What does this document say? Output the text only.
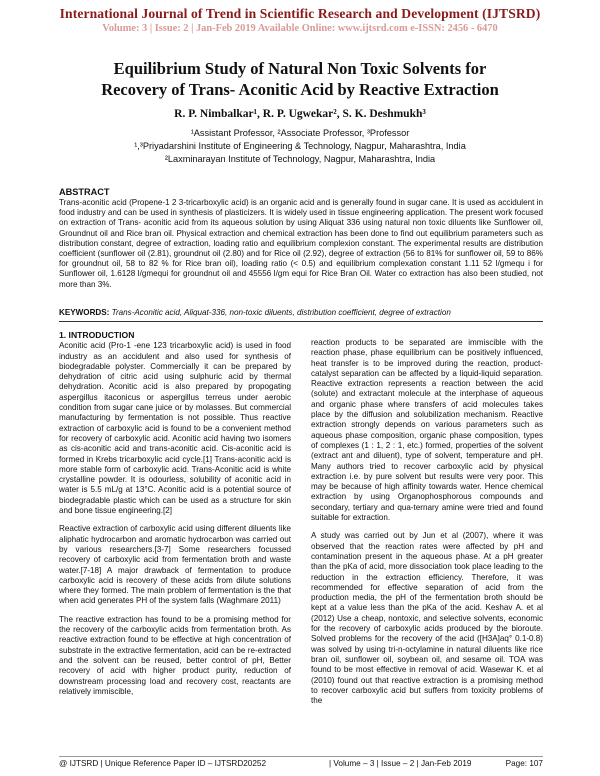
International Journal of Trend in Scientific Research and Development (IJTSRD)
Volume: 3 | Issue: 2 | Jan-Feb 2019 Available Online: www.ijtsrd.com e-ISSN: 2456 - 6470
Equilibrium Study of Natural Non Toxic Solvents for
Recovery of Trans- Aconitic Acid by Reactive Extraction
R. P. Nimbalkar¹, R. P. Ugwekar², S. K. Deshmukh³
¹Assistant Professor, ²Associate Professor, ³Professor
¹,³Priyadarshini Institute of Engineering & Technology, Nagpur, Maharashtra, India
²Laxminarayan Institute of Technology, Nagpur, Maharashtra, India
ABSTRACT
Trans-aconitic acid (Propene-1 2 3-tricarboxylic acid) is an organic acid and is generally found in sugar cane. It is used as accidulent in food industry and can be used in synthesis of plasticizers. It is widely used in tissue engineering application. The present work focused on extraction of Trans- aconitic acid from its aqueous solution by using Aliquat 336 using natural non toxic diluents like Sunflower oil, Groundnut oil and Rice bran oil. Physical extraction and chemical extraction has been done to find out equilibrium parameters such as distribution constant, degree of extraction, loading ratio and equilibrium complexion constant. The experimental results are distribution coefficient (sunflower oil (2.81), groundnut oil (2.80) and for Rice oil (2.92), degree of extraction (56 to 81% for sunflower oil, 59 to 86% for groundnut oil, 58 to 82 % for Rice bran oil), loading ratio (< 0.5) and equilibrium complexation constant 1.11 52 l/gmequ i for Sunflower oil, 1.6128 l/gmequi for groundnut oil and 45556 l/gm equi for Rice Bran Oil. Water co extraction has also been studied, not more than 3%.
KEYWORDS: Trans-Aconitic acid, Aliquat-336, non-toxic diluents, distribution coefficient, degree of extraction
1. INTRODUCTION

Aconitic acid (Pro-1 -ene 123 tricarboxylic acid) is used in food industry as an accidulent and also used for synthesis of biodegradable polyster. Commercially it can be prepared by dehydration of citric acid using sulphuric acid by thermal dehydration. Aconitic acid is also prepared by propogating aspergillus itaconicus or aspergillus terreus under aerobic condition from sugar cane juice or by molasses. But commercial manufacturing by fermentation is not possible. Thus reactive extraction of carboxylic acid is found to be a convenient method for recovery of carboxylic acid. Aconitic acid having two isomers as cis-aconitic acid and trans-aconitic acid. Cis-aconitic acid is formed in Krebs tricarboxylic acid cycle.[1] Trans-aconitic acid is more stable form of carboxylic acid. Trans-Aconitic acid is white crystalline powder. It is odourless, solubility of aconitic acid in water is 5.5 mL/g at 13°C. Aconitic acid is a potential source of biodegradable plastic which can be used as a structure for skin and bone tissue engineering.[2]

Reactive extraction of carboxylic acid using different diluents like aliphatic hydrocarbon and aromatic hydrocarbon was carried out by various researchers.[3-7] Some researchers focussed recovery of carboxylic acid from fermentation broth and waste water.[7-18] A major drawback of fermentation to produce carboxylic acid is recovery of these acids from dilute solutions where they formed. The main problem of fermentation is the that when acid generates PH of the system falls (Waghmare 2011)

The reactive extraction has found to be a promising method for the recovery of the carboxylic acids from fermentation broth. As reactive extraction found to be effective at high concentration of substrate in the extractive fermentation, acid can be re-extracted and the solvent can be reused, better control of pH, Better recovery of acid with higher product purity, reduction of downstream processing load and recovery cost, reactants are relatively immiscible,

reaction products to be separated are immiscible with the reaction phase, phase equilibrium can be positively influenced, heat transfer is to be improved during the reaction, product-catalyst separation can be affected by a liquid-liquid separation. Reactive extraction represents a reaction between the acid (solute) and extractant molecule at the interphase of aqueous and organic phase where transfers of acid molecules takes place by the diffusion and solubilization mechanism. Reactive extraction strongly depends on various parameters such as aqueous phase composition, organic phase composition, types of complexes (1 : 1, 2 : 1, etc.) formed, properties of the solvent (extract ant and diluent), type of solvent, temperature and pH. Many authors tried to recover carboxylic acid by physical extraction i.e. by pure solvent but results were very poor. This may be because of high affinity towards water. Hence chemical extraction by using Organophosphorous compounds and secondary, tertiary and qua-ternary amine were tried and found suitable for extraction.

A study was carried out by Jun et al (2007), where it was observed that the reaction rates were affected by pH and contamination present in the aqueous phase. At a pH greater than the pKa of acid, more dissociation took place leading to the reduction in the extraction efficiency. Therefore, it was recommended for effective separation of acid from the production media, the pH of the fermentation broth should be kept at a value less than the pKa of the acid. Keshav A. et al (2012) Use a cheap, nontoxic, and selective solvents, economic for the recovery of carboxylic acids produced by the bioroute. Solved problems for the recovery of the acid ([H3A]aq° 0.1-0.8) was solved by using tri-n-octylamine in natural diluents like rice bran oil, sunflower oil, soybean oil, and sesame oil. TOA was found to be most effective in removal of acid. Wasewar K. et al (2010) found out that reactive extraction is a promising method to recover carboxylic acid but suffers from toxicity problems of the

@ IJTSRD | Unique Reference Paper ID – IJTSRD20252	| Volume – 3 | Issue – 2 | Jan-Feb 2019	Page: 107
